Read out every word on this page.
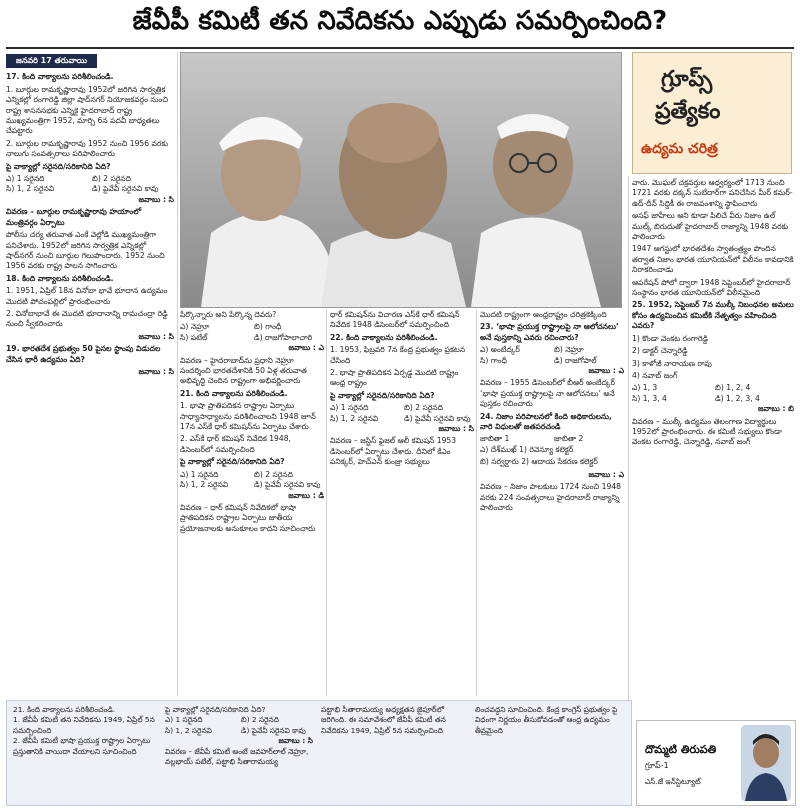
జేవీపీ కమిటీ తన నివేదికను ఎప్పుడు సమర్పించింది?
జనవరి 17 తరువాయి

17. కింది వాక్యాలను పరిశీలించండి.

1. బూర్గుల రామకృష్ణారావు 1952లో జరిగిన సార్వత్రిక ఎన్నికల్లో రంగారెడ్డి జిల్లా షాద్‌నగర్ నియోజకవర్గం నుంచి రాష్ట్ర శాసనసభకు ఎన్నికై హైదరాబాద్ రాష్ట్ర ముఖ్యమంత్రిగా 1952, మార్చి 6న పదవీ బాధ్యతలు చేపట్టారు

2. బూర్గుల రామకృష్ణారావు 1952 నుంచి 1956 వరకు నాలుగు సంవత్సరాలు పరిపాలించారు

పై వాక్యాల్లో సరైనది/సరికానిది ఏది?

ఎ) 1 సరైనది	బి) 2 సరైనది
సి) 1, 2 సరైనవి	డి) పైవేవీ సరైనవి కావు

జవాబు : సి

వివరణ – బూర్గుల రామకృష్ణారావు హయాంలో మంత్రివర్గం ఏర్పాటు

పోలీసు చర్య తరువాత ఎంకే వెల్లోడి ముఖ్యమంత్రిగా పనిచేశారు. 1952లో జరిగిన సార్వత్రిక ఎన్నికల్లో షాద్‌నగర్ నుంచి బూర్గుల గెలుపొందారు. 1952 నుంచి 1956 వరకు రాష్ట్ర పాలన సాగించారు

18. కింది వాక్యాలను పరిశీలించండి.

1. 1951, ఏప్రిల్ 18న వినోబా భావే భూదాన ఉద్యమం మొదటి పోచంపల్లిలో ప్రారంభించారు

2. వినోబాభావే ఈ మొదటి భూదానాన్ని రామచంద్రా రెడ్డి నుంచి స్వీకరించారు

జవాబు : సి

19. భారతదేశ ప్రభుత్వం 50 పైసల స్టాంపు విడుదల చేసిన భారీ ఉద్యమం ఏది?

జవాబు : సి

గ్రూప్స్
ప్రత్యేకం
ఉద్యమ చరిత్ర

పేర్కొన్నారు అని పేర్కొన్న దెవరు?

ఎ) నెహ్రూ	బి) గాంధీ
సి) పటేల్	డి) రాజగోపాలాచారి

జవాబు : ఎ

వివరణ – హైదరాబాద్‌ను ప్రధాని నెహ్రూ సందర్శించి భారతదేశానికి 50 ఏళ్ల తరువాత అభివృద్ధి చెందిన రాష్ట్రంగా అభివర్ణించారు

21. కింది వాక్యాలను పరిశీలించండి.

1. భాషా ప్రాతిపదికన రాష్ట్రాల ఏర్పాటు సాధ్యాసాధ్యాలను పరిశీలించాలని 1948 జూన్ 17న ఎస్‌కే ధార్ కమిషన్‌ను ఏర్పాటు చేశారు

2. ఎస్‌కే ధార్ కమిషన్ నివేదిక 1948, డిసెంబర్‌లో సమర్పించింది

పై వాక్యాల్లో సరైనది/సరికానిది ఏది?

ఎ) 1 సరైనది	బి) 2 సరైనది
సి) 1, 2 సరైనవి	డి) పైవేవీ సరైనవి కావు

జవాబు : డి

వివరణ – ధార్ కమిషన్ నివేదికలో భాషా ప్రాతిపదికన రాష్ట్రాల ఏర్పాటు జాతీయ ప్రయోజనాలకు అనుకూలం కాదని సూచించారు

ధార్ కమిషన్‌ను విచారణ ఎస్‌కే ధార్ కమిషన్ నివేదిక 1948 డిసెంబర్‌లో సమర్పించింది

22. కింది వాక్యాలను పరిశీలించండి.

1. 1953, ఫిబ్రవరి 7న కేంద్ర ప్రభుత్వం ప్రకటన చేసింది

2. భాషా ప్రాతిపదికన ఏర్పడ్డ మొదటి రాష్ట్రం ఆంధ్ర రాష్ట్రం

పై వాక్యాల్లో సరైనది/సరికానిది ఏది?

ఎ) 1 సరైనది	బి) 2 సరైనది
సి) 1, 2 సరైనవి	డి) పైవేవీ సరైనవి కావు

జవాబు : సి

వివరణ – జస్టిస్ ఫైజల్ ఆలీ కమిషన్ 1953 డిసెంబర్‌లో ఏర్పాటు చేశారు. దీనిలో కేఎం పనిక్కర్, హెచ్‌ఎన్ కుంజ్రు సభ్యులు

మొదటి రాష్ట్రంగా ఆంధ్రరాష్ట్రం చరిత్రకెక్కింది

23. ‘భాషా ప్రయుక్త రాష్ట్రాలపై నా ఆలోచనలు’ అనే పుస్తకాన్ని ఎవరు రచించారు?

ఎ) అంబేద్కర్	బి) నెహ్రూ
సి) గాంధీ	డి) రాజగోపాల్

జవాబు : ఎ

వివరణ – 1955 డిసెంబర్‌లో బీఆర్ అంబేద్కర్ ‘భాషా ప్రయుక్త రాష్ట్రాలపై నా ఆలోచనలు’ అనే పుస్తకం రచించారు

24. నిజాం పరిపాలనలో కింది అధికారులను, వారి విధులతో జతపరచండి

జాబితా 1	జాబితా 2

ఎ) దేశ్‌ముఖ్ 1) రెవెన్యూ కలెక్టర్

బి) సర్వర్దారు 2) ఆదాయ సేకరణ కలెక్టర్

జవాబు : ఎ

వివరణ – నిజాం పాలకులు 1724 నుంచి 1948 వరకు 224 సంవత్సరాలు హైదరాబాద్ రాజ్యాన్ని పాలించారు

వారు. మొఘల్ చక్రవర్తుల ఆధ్వర్యంలో 1713 నుంచి 1721 వరకు దక్కన్ సుబేదార్‌గా పనిచేసిన మీర్ కమర్-ఉద్-దీన్ సిద్దికీ ఈ రాజవంశాన్ని స్థాపించారు

అసఫ్ జాహీలు అని కూడా పిలిచే వీరు నిజాం ఉల్ ముల్క్ బిరుదుతో హైదరాబాద్ రాజ్యాన్ని 1948 వరకు పాలించారు

1947 ఆగస్టులో భారతదేశం స్వాతంత్ర్యం పొందిన తర్వాత నిజాం భారత యూనియన్‌లో విలీనం కావడానికి నిరాకరించాడు

ఆపరేషన్ పోలో ద్వారా 1948 సెప్టెంబర్‌లో హైదరాబాద్ సంస్థానం భారత యూనియన్‌లో విలీనమైంది

25. 1952, సెప్టెంబర్ 7న ముల్కీ నిబంధనల అమలు కోసం ఉద్యమించిన కమిటీకి నేతృత్వం వహించింది ఎవరు?

1) కొండా వెంకట రంగారెడ్డి

2) డాక్టర్ చెన్నారెడ్డి

3) కాళోజీ నారాయణ రావు

4) నవాబ్ జంగ్

ఎ) 1, 3	బి) 1, 2, 4
సి) 1, 3, 4	డి) 1, 2, 3, 4

జవాబు : బి

వివరణ – ముల్కీ ఉద్యమం తెలంగాణ విద్యార్థులు 1952లో ప్రారంభించారు. ఈ కమిటీ సభ్యులు కొండా వెంకట రంగారెడ్డి, చెన్నారెడ్డి, నవాబ్ జంగ్

21. కింది వాక్యాలను పరిశీలించండి.
1. జేవీపీ కమిటీ తన నివేదికను 1949, ఏప్రిల్ 5న సమర్పించింది
2. జేవీపీ కమిటీ భాషా ప్రయుక్త రాష్ట్రాల ఏర్పాటు ప్రస్తుతానికి వాయిదా వేయాలని సూచించింది
పై వాక్యాల్లో సరైనది/సరికానిది ఏది?
ఎ) 1 సరైనది	బి) 2 సరైనది
సి) 1, 2 సరైనవి	డి) పైవేవీ సరైనవి కావు
జవాబు : సి
వివరణ – జేవీపీ కమిటీ అంటే జవహర్‌లాల్ నెహ్రూ, వల్లభాయ్ పటేల్, పట్టాభి సీతారామయ్య
పట్టాభి సీతారామయ్య అధ్యక్షతన జైపూర్‌లో జరిగింది. ఈ సమావేశంలో జేవీపీ కమిటీ తన నివేదికను 1949, ఏప్రిల్ 5న సమర్పించింది
లించవద్దని సూచించింది. కేంద్ర కాంగ్రెస్ ప్రభుత్వం పై విధంగా నిర్ణయం తీసుకోవడంతో ఆంధ్ర ఉద్యమం తీవ్రమైంది
దొమ్మటి తిరుపతి
గ్రూప్-1
ఎస్‌.జే ఇన్‌స్టిట్యూట్
